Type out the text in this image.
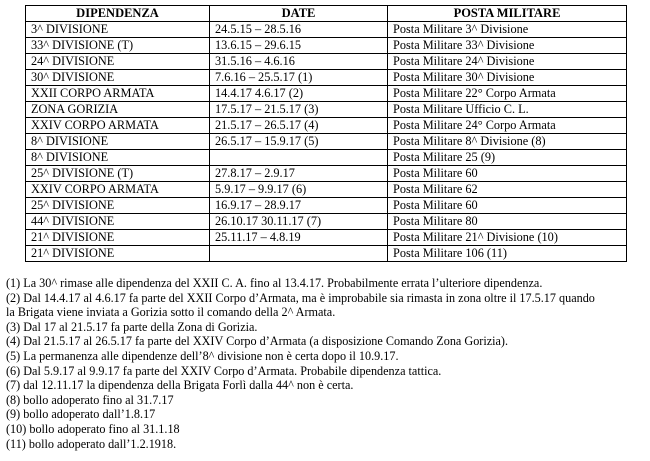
DIPENDENZA	DATE	POSTA MILITARE
3^ DIVISIONE	24.5.15 – 28.5.16	Posta Militare 3^ Divisione
33^ DIVISIONE (T)	13.6.15 – 29.6.15	Posta Militare 33^ Divisione
24^ DIVISIONE	31.5.16 – 4.6.16	Posta Militare 24^ Divisione
30^ DIVISIONE	7.6.16 – 25.5.17 (1)	Posta Militare 30^ Divisione
XXII CORPO ARMATA	14.4.17 4.6.17 (2)	Posta Militare 22° Corpo Armata
ZONA GORIZIA	17.5.17 – 21.5.17 (3)	Posta Militare Ufficio C. L.
XXIV CORPO ARMATA	21.5.17 – 26.5.17 (4)	Posta Militare 24° Corpo Armata
8^ DIVISIONE	26.5.17 – 15.9.17 (5)	Posta Militare 8^ Divisione (8)
8^ DIVISIONE		Posta Militare 25 (9)
25^ DIVISIONE (T)	27.8.17 – 2.9.17	Posta Militare 60
XXIV CORPO ARMATA	5.9.17 – 9.9.17 (6)	Posta Militare 62
25^ DIVISIONE	16.9.17 – 28.9.17	Posta Militare 60
44^ DIVISIONE	26.10.17 30.11.17 (7)	Posta Militare 80
21^ DIVISIONE	25.11.17 – 4.8.19	Posta Militare 21^ Divisione (10)
21^ DIVISIONE		Posta Militare 106 (11)
(1) La 30^ rimase alle dipendenza del XXII C. A. fino al 13.4.17. Probabilmente errata l’ulteriore dipendenza.
(2) Dal 14.4.17 al 4.6.17 fa parte del XXII Corpo d’Armata, ma è improbabile sia rimasta in zona oltre il 17.5.17 quando
la Brigata viene inviata a Gorizia sotto il comando della 2^ Armata.
(3) Dal 17 al 21.5.17 fa parte della Zona di Gorizia.
(4) Dal 21.5.17 al 26.5.17 fa parte del XXIV Corpo d’Armata (a disposizione Comando Zona Gorizia).
(5) La permanenza alle dipendenze dell’8^ divisione non è certa dopo il 10.9.17.
(6) Dal 5.9.17 al 9.9.17 fa parte del XXIV Corpo d’Armata. Probabile dipendenza tattica.
(7) dal 12.11.17 la dipendenza della Brigata Forlì dalla 44^ non è certa.
(8) bollo adoperato fino al 31.7.17
(9) bollo adoperato dall’1.8.17
(10) bollo adoperato fino al 31.1.18
(11) bollo adoperato dall’1.2.1918.
